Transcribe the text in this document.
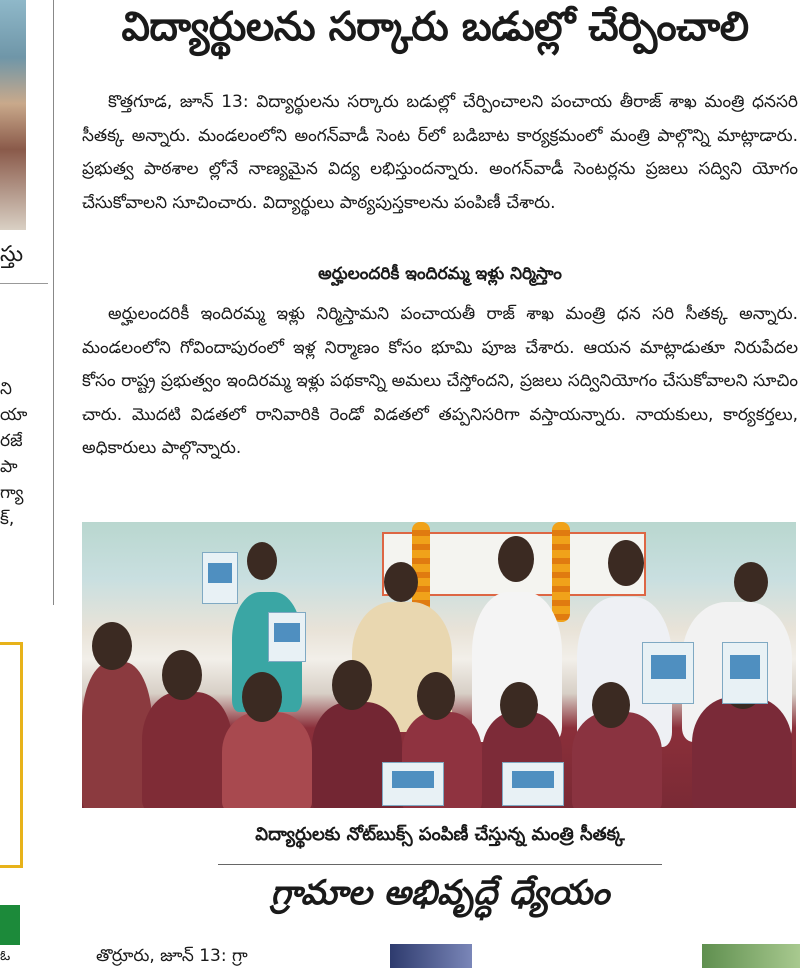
స్తు
ని
యా
రజే
పా
గ్యా
క్,
ఓ
విద్యార్థులను సర్కారు బడుల్లో చేర్పించాలి

కొత్తగూడ, జూన్ 13: విద్యార్థులను సర్కారు బడుల్లో చేర్పించాలని పంచాయ తీరాజ్ శాఖ మంత్రి ధనసరి సీతక్క అన్నారు. మండలంలోని అంగన్‌వాడీ సెంట ర్‌లో బడిబాట కార్యక్రమంలో మంత్రి పాల్గొన్ని మాట్లాడారు. ప్రభుత్వ పాఠశాల ల్లోనే నాణ్యమైన విద్య లభిస్తుందన్నారు. అంగన్‌వాడీ సెంటర్లను ప్రజలు సద్విని యోగం చేసుకోవాలని సూచించారు. విద్యార్థులు పాఠ్యపుస్తకాలను పంపిణీ చేశారు.

అర్హులందరికీ ఇందిరమ్మ ఇళ్లు నిర్మిస్తాం

అర్హులందరికీ ఇందిరమ్మ ఇళ్లు నిర్మిస్తామని పంచాయతీ రాజ్ శాఖ మంత్రి ధన సరి సీతక్క అన్నారు. మండలంలోని గోవిందాపురంలో ఇళ్ల నిర్మాణం కోసం భూమి పూజ చేశారు. ఆయన మాట్లాడుతూ నిరుపేదల కోసం రాష్ట్ర ప్రభుత్వం ఇందిరమ్మ ఇళ్లు పథకాన్ని అమలు చేస్తోందని, ప్రజలు సద్వినియోగం చేసుకోవాలని సూచిం చారు. మొదటి విడతలో రానివారికి రెండో విడతలో తప్పనిసరిగా వస్తాయన్నారు. నాయకులు, కార్యకర్తలు, అధికారులు పాల్గొన్నారు.

విద్యార్థులకు నోట్‌బుక్స్ పంపిణీ చేస్తున్న మంత్రి సీతక్క

గ్రామాల అభివృద్ధే ధ్యేయం
తొర్రూరు, జూన్ 13: గ్రా
